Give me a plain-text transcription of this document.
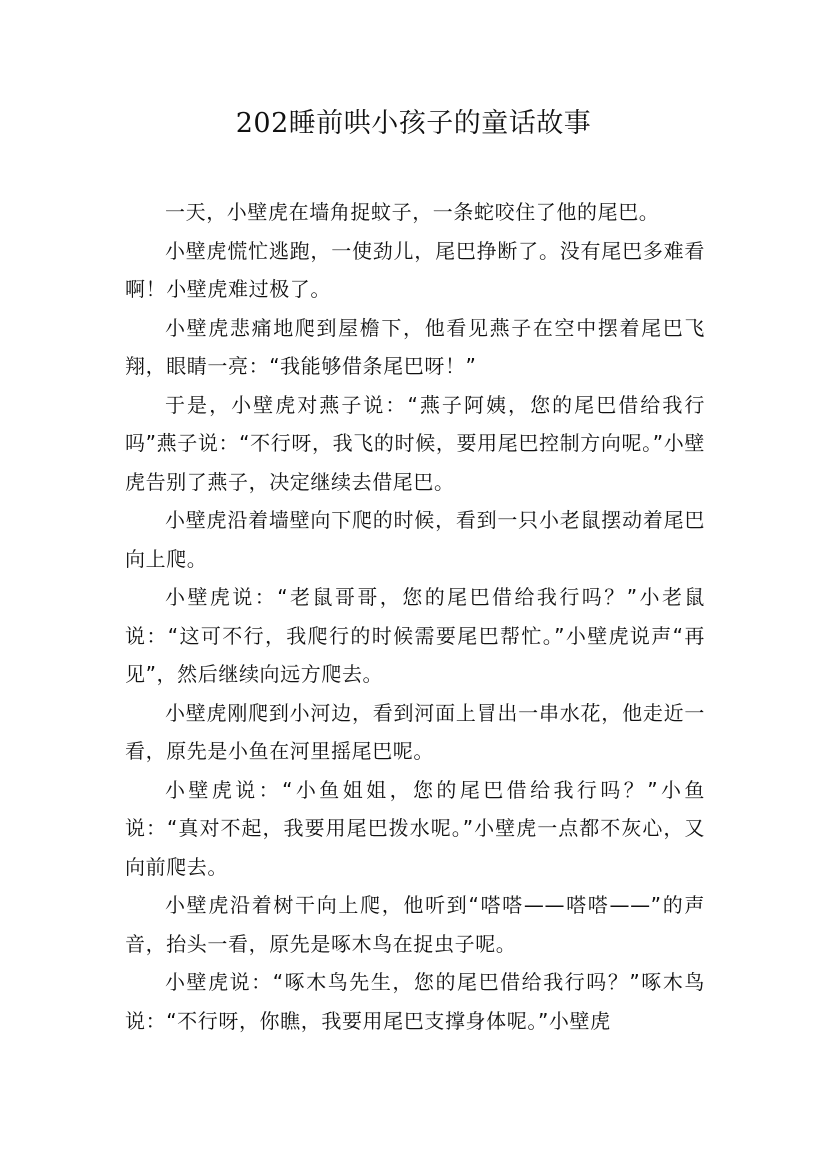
202睡前哄小孩子的童话故事

一天，小壁虎在墙角捉蚊子，一条蛇咬住了他的尾巴。

小壁虎慌忙逃跑，一使劲儿，尾巴挣断了。没有尾巴多难看啊！小壁虎难过极了。

小壁虎悲痛地爬到屋檐下，他看见燕子在空中摆着尾巴飞翔，眼睛一亮：“我能够借条尾巴呀！”

于是，小壁虎对燕子说：“燕子阿姨，您的尾巴借给我行吗”燕子说：“不行呀，我飞的时候，要用尾巴控制方向呢。”小壁虎告别了燕子，决定继续去借尾巴。

小壁虎沿着墙壁向下爬的时候，看到一只小老鼠摆动着尾巴向上爬。

小壁虎说：“老鼠哥哥，您的尾巴借给我行吗？”小老鼠说：“这可不行，我爬行的时候需要尾巴帮忙。”小壁虎说声“再见”，然后继续向远方爬去。

小壁虎刚爬到小河边，看到河面上冒出一串水花，他走近一看，原先是小鱼在河里摇尾巴呢。

小壁虎说：“小鱼姐姐，您的尾巴借给我行吗？”小鱼说：“真对不起，我要用尾巴拨水呢。”小壁虎一点都不灰心，又向前爬去。

小壁虎沿着树干向上爬，他听到“嗒嗒——嗒嗒——”的声音，抬头一看，原先是啄木鸟在捉虫子呢。

小壁虎说：“啄木鸟先生，您的尾巴借给我行吗？”啄木鸟说：“不行呀，你瞧，我要用尾巴支撑身体呢。”小壁虎
